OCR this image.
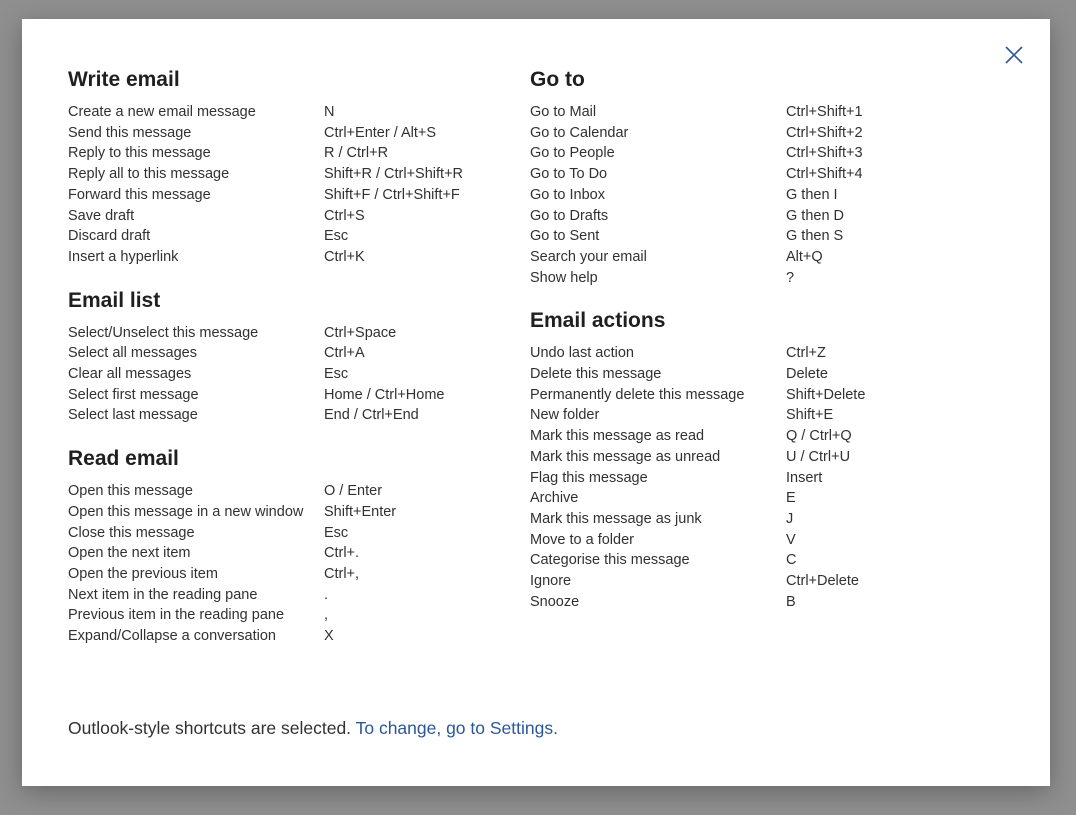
Write email
Create a new email message	N
Send this message	Ctrl+Enter / Alt+S
Reply to this message	R / Ctrl+R
Reply all to this message	Shift+R / Ctrl+Shift+R
Forward this message	Shift+F / Ctrl+Shift+F
Save draft	Ctrl+S
Discard draft	Esc
Insert a hyperlink	Ctrl+K
Email list
Select/Unselect this message	Ctrl+Space
Select all messages	Ctrl+A
Clear all messages	Esc
Select first message	Home / Ctrl+Home
Select last message	End / Ctrl+End
Read email
Open this message	O / Enter
Open this message in a new window	Shift+Enter
Close this message	Esc
Open the next item	Ctrl+.
Open the previous item	Ctrl+,
Next item in the reading pane	.
Previous item in the reading pane	,
Expand/Collapse a conversation	X
Go to
Go to Mail	Ctrl+Shift+1
Go to Calendar	Ctrl+Shift+2
Go to People	Ctrl+Shift+3
Go to To Do	Ctrl+Shift+4
Go to Inbox	G then I
Go to Drafts	G then D
Go to Sent	G then S
Search your email	Alt+Q
Show help	?
Email actions
Undo last action	Ctrl+Z
Delete this message	Delete
Permanently delete this message	Shift+Delete
New folder	Shift+E
Mark this message as read	Q / Ctrl+Q
Mark this message as unread	U / Ctrl+U
Flag this message	Insert
Archive	E
Mark this message as junk	J
Move to a folder	V
Categorise this message	C
Ignore	Ctrl+Delete
Snooze	B
Outlook-style shortcuts are selected. To change, go to Settings.
